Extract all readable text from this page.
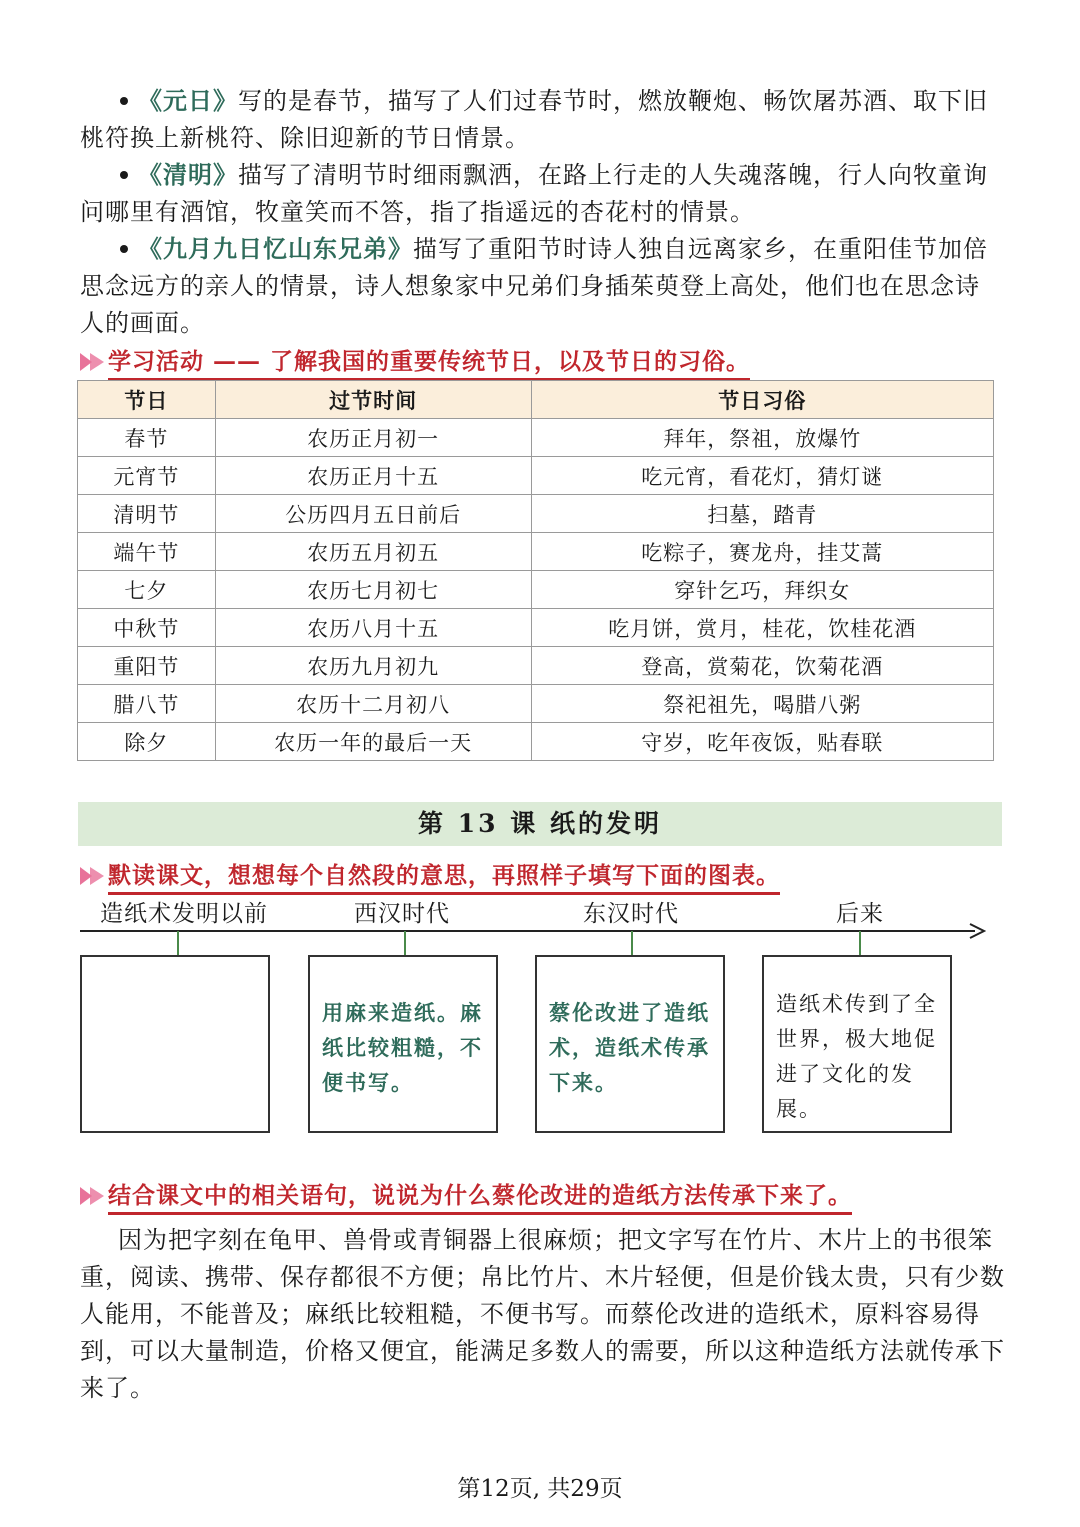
《元日》写的是春节，描写了人们过春节时，燃放鞭炮、畅饮屠苏酒、取下旧桃符换上新桃符、除旧迎新的节日情景。
《清明》描写了清明节时细雨飘洒，在路上行走的人失魂落魄，行人向牧童询问哪里有酒馆，牧童笑而不答，指了指遥远的杏花村的情景。
《九月九日忆山东兄弟》描写了重阳节时诗人独自远离家乡，在重阳佳节加倍思念远方的亲人的情景，诗人想象家中兄弟们身插茱萸登上高处，他们也在思念诗人的画面。
学习活动 —— 了解我国的重要传统节日，以及节日的习俗。
节日	过节时间	节日习俗
春节	农历正月初一	拜年，祭祖，放爆竹
元宵节	农历正月十五	吃元宵，看花灯，猜灯谜
清明节	公历四月五日前后	扫墓，踏青
端午节	农历五月初五	吃粽子，赛龙舟，挂艾蒿
七夕	农历七月初七	穿针乞巧，拜织女
中秋节	农历八月十五	吃月饼，赏月，桂花，饮桂花酒
重阳节	农历九月初九	登高，赏菊花，饮菊花酒
腊八节	农历十二月初八	祭祀祖先，喝腊八粥
除夕	农历一年的最后一天	守岁，吃年夜饭，贴春联
第 13 课 纸的发明
默读课文，想想每个自然段的意思，再照样子填写下面的图表。
造纸术发明以前	西汉时代	东汉时代	后来
用麻来造纸。麻纸比较粗糙，不便书写。
蔡伦改进了造纸术，造纸术传承下来。
造纸术传到了全世界，极大地促进了文化的发展。
结合课文中的相关语句，说说为什么蔡伦改进的造纸方法传承下来了。
因为把字刻在龟甲、兽骨或青铜器上很麻烦；把文字写在竹片、木片上的书很笨重，阅读、携带、保存都很不方便；帛比竹片、木片轻便，但是价钱太贵，只有少数人能用，不能普及；麻纸比较粗糙，不便书写。而蔡伦改进的造纸术，原料容易得到，可以大量制造，价格又便宜，能满足多数人的需要，所以这种造纸方法就传承下来了。
第12页, 共29页
